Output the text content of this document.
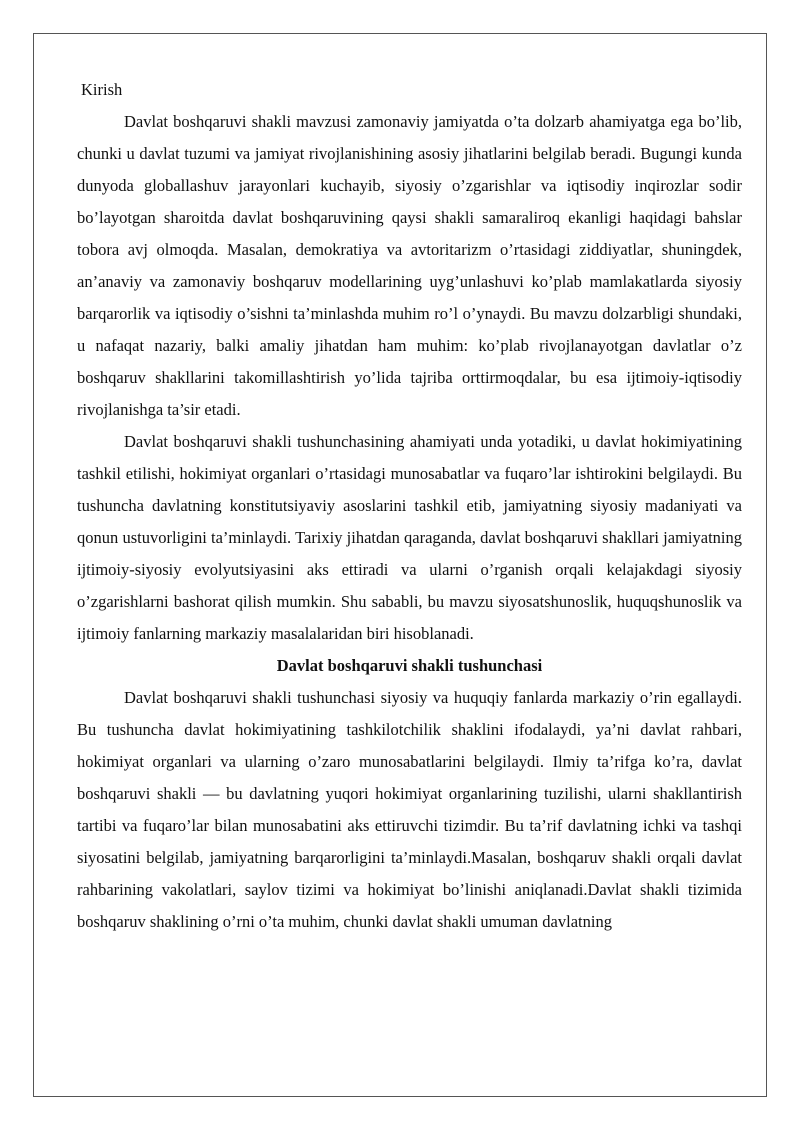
Kirish

Davlat boshqaruvi shakli mavzusi zamonaviy jamiyatda o’ta dolzarb ahamiyatga ega bo’lib, chunki u davlat tuzumi va jamiyat rivojlanishining asosiy jihatlarini belgilab beradi. Bugungi kunda dunyoda globallashuv jarayonlari kuchayib, siyosiy o’zgarishlar va iqtisodiy inqirozlar sodir bo’layotgan sharoitda davlat boshqaruvining qaysi shakli samaraliroq ekanligi haqidagi bahslar tobora avj olmoqda. Masalan, demokratiya va avtoritarizm o’rtasidagi ziddiyatlar, shuningdek, an’anaviy va zamonaviy boshqaruv modellarining uyg’unlashuvi ko’plab mamlakatlarda siyosiy barqarorlik va iqtisodiy o’sishni ta’minlashda muhim ro’l o’ynaydi. Bu mavzu dolzarbligi shundaki, u nafaqat nazariy, balki amaliy jihatdan ham muhim: ko’plab rivojlanayotgan davlatlar o’z boshqaruv shakllarini takomillashtirish yo’lida tajriba orttirmoqdalar, bu esa ijtimoiy-iqtisodiy rivojlanishga ta’sir etadi.

Davlat boshqaruvi shakli tushunchasining ahamiyati unda yotadiki, u davlat hokimiyatining tashkil etilishi, hokimiyat organlari o’rtasidagi munosabatlar va fuqaro’lar ishtirokini belgilaydi. Bu tushuncha davlatning konstitutsiyaviy asoslarini tashkil etib, jamiyatning siyosiy madaniyati va qonun ustuvorligini ta’minlaydi. Tarixiy jihatdan qaraganda, davlat boshqaruvi shakllari jamiyatning ijtimoiy-siyosiy evolyutsiyasini aks ettiradi va ularni o’rganish orqali kelajakdagi siyosiy o’zgarishlarni bashorat qilish mumkin. Shu sababli, bu mavzu siyosatshunoslik, huquqshunoslik va ijtimoiy fanlarning markaziy masalalaridan biri hisoblanadi.

Davlat boshqaruvi shakli tushunchasi

Davlat boshqaruvi shakli tushunchasi siyosiy va huquqiy fanlarda markaziy o’rin egallaydi. Bu tushuncha davlat hokimiyatining tashkilotchilik shaklini ifodalaydi, ya’ni davlat rahbari, hokimiyat organlari va ularning o’zaro munosabatlarini belgilaydi. Ilmiy ta’rifga ko’ra, davlat boshqaruvi shakli — bu davlatning yuqori hokimiyat organlarining tuzilishi, ularni shakllantirish tartibi va fuqaro’lar bilan munosabatini aks ettiruvchi tizimdir. Bu ta’rif davlatning ichki va tashqi siyosatini belgilab, jamiyatning barqarorligini ta’minlaydi.Masalan, boshqaruv shakli orqali davlat rahbarining vakolatlari, saylov tizimi va hokimiyat bo’linishi aniqlanadi.Davlat shakli tizimida boshqaruv shaklining o’rni o’ta muhim, chunki davlat shakli umuman davlatning
